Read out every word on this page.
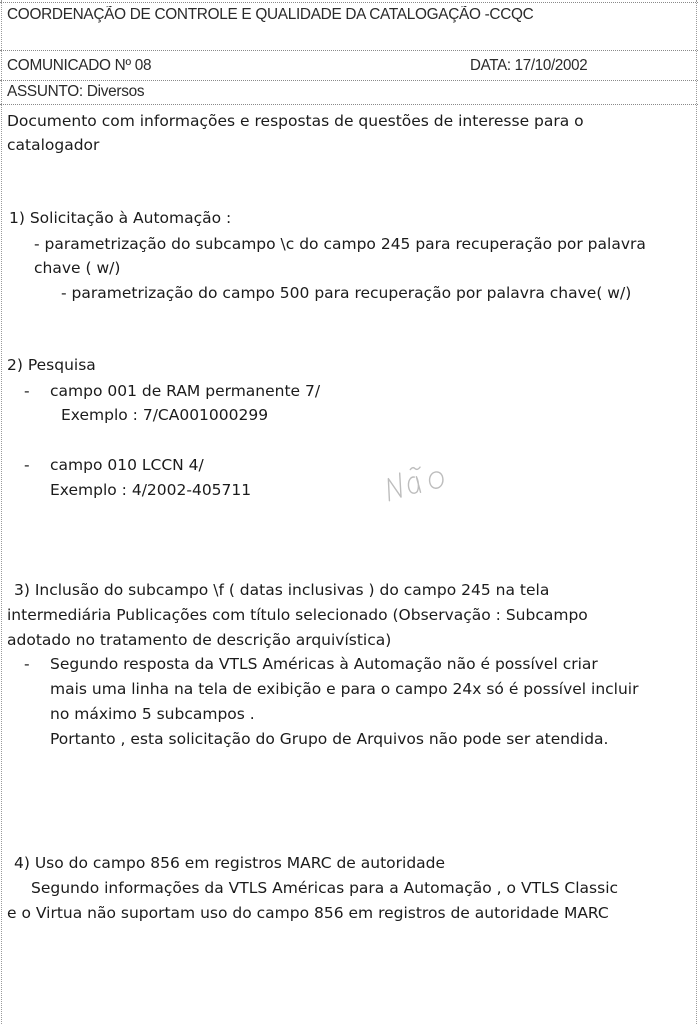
COORDENAÇÃO DE CONTROLE E QUALIDADE DA CATALOGAÇÃO -CCQC
COMUNICADO Nº 08	DATA: 17/10/2002
ASSUNTO: Diversos
Documento com informações e respostas de questões de interesse para o
catalogador
1) Solicitação à Automação :
- parametrização do subcampo \c do campo 245 para recuperação por palavra
chave ( w/)
- parametrização do campo 500 para recuperação por palavra chave( w/)
2) Pesquisa
- campo 001 de RAM permanente 7/
Exemplo : 7/CA001000299
- campo 010 LCCN 4/
Exemplo : 4/2002-405711
3) Inclusão do subcampo \f ( datas inclusivas ) do campo 245 na tela
intermediária Publicações com título selecionado (Observação : Subcampo
adotado no tratamento de descrição arquivística)
- Segundo resposta da VTLS Américas à Automação não é possível criar
mais uma linha na tela de exibição e para o campo 24x só é possível incluir
no máximo 5 subcampos .
Portanto , esta solicitação do Grupo de Arquivos não pode ser atendida.
4) Uso do campo 856 em registros MARC de autoridade
Segundo informações da VTLS Américas para a Automação , o VTLS Classic
e o Virtua não suportam uso do campo 856 em registros de autoridade MARC
